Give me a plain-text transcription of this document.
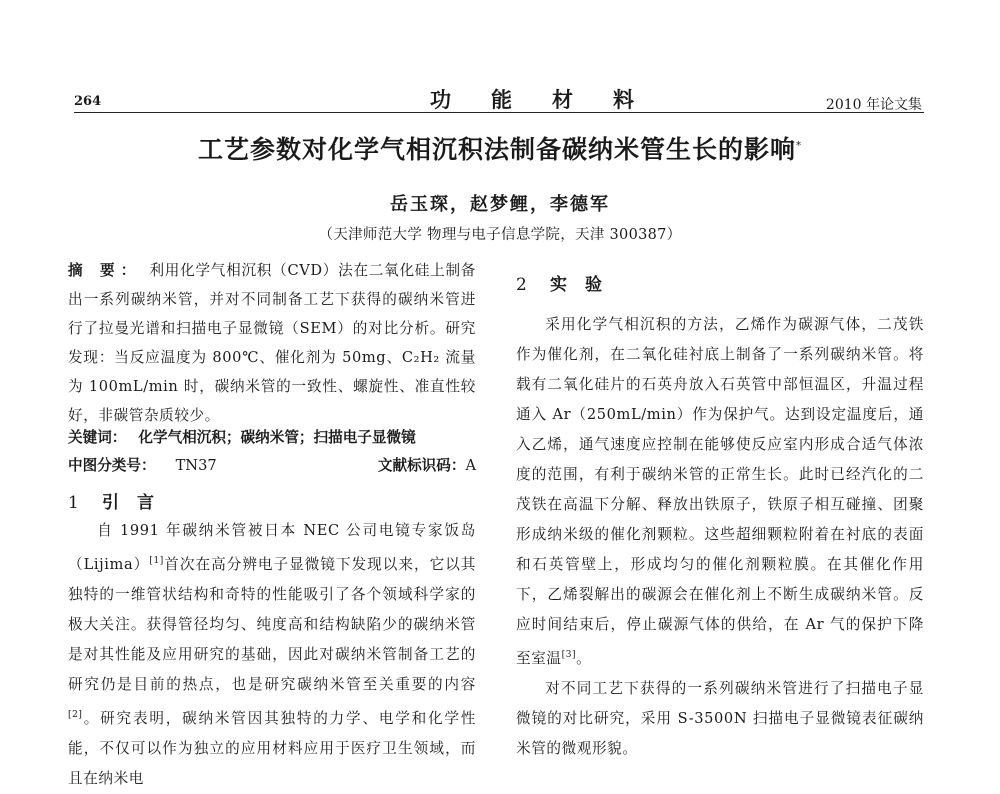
264	功能材料	2010 年论文集
工艺参数对化学气相沉积法制备碳纳米管生长的影响*
岳玉琛，赵梦鲤，李德军
（天津师范大学 物理与电子信息学院，天津 300387）
摘 要： 利用化学气相沉积（CVD）法在二氧化硅上制备出一系列碳纳米管，并对不同制备工艺下获得的碳纳米管进行了拉曼光谱和扫描电子显微镜（SEM）的对比分析。研究发现：当反应温度为 800℃、催化剂为 50mg、C₂H₂ 流量为 100mL/min 时，碳纳米管的一致性、螺旋性、准直性较好，非碳管杂质较少。
关键词： 化学气相沉积；碳纳米管；扫描电子显微镜
中图分类号： TN37	文献标识码：A
1 引言

自 1991 年碳纳米管被日本 NEC 公司电镜专家饭岛（Lijima）[1]首次在高分辨电子显微镜下发现以来，它以其独特的一维管状结构和奇特的性能吸引了各个领域科学家的极大关注。获得管径均匀、纯度高和结构缺陷少的碳纳米管是对其性能及应用研究的基础，因此对碳纳米管制备工艺的研究仍是目前的热点，也是研究碳纳米管至关重要的内容[2]。研究表明，碳纳米管因其独特的力学、电学和化学性能，不仅可以作为独立的应用材料应用于医疗卫生领域，而且在纳米电

2 实验

采用化学气相沉积的方法，乙烯作为碳源气体，二茂铁作为催化剂，在二氧化硅衬底上制备了一系列碳纳米管。将载有二氧化硅片的石英舟放入石英管中部恒温区，升温过程通入 Ar（250mL/min）作为保护气。达到设定温度后，通入乙烯，通气速度应控制在能够使反应室内形成合适气体浓度的范围，有利于碳纳米管的正常生长。此时已经汽化的二茂铁在高温下分解、释放出铁原子，铁原子相互碰撞、团聚形成纳米级的催化剂颗粒。这些超细颗粒附着在衬底的表面和石英管壁上，形成均匀的催化剂颗粒膜。在其催化作用下，乙烯裂解出的碳源会在催化剂上不断生成碳纳米管。反应时间结束后，停止碳源气体的供给，在 Ar 气的保护下降至室温[3]。

对不同工艺下获得的一系列碳纳米管进行了扫描电子显微镜的对比研究，采用 S-3500N 扫描电子显微镜表征碳纳米管的微观形貌。
